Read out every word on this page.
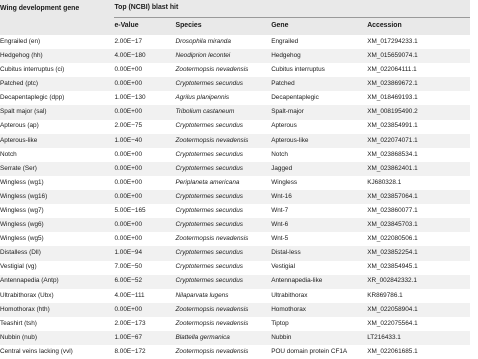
Wing development gene	Top (NCBI) blast hit			

	e-Value	Species	Gene	Accession
Engrailed (en)	2.00E−17	Drosophila miranda	Engrailed	XM_017294233.1
Hedgehog (hh)	4.00E−180	Neodiprion lecontei	Hedgehog	XM_015659074.1
Cubitus interruptus (ci)	0.00E+00	Zootermopsis nevadensis	Cubitus interruptus	XM_022064111.1
Patched (ptc)	0.00E+00	Cryptotermes secundus	Patched	XM_023869672.1
Decapentaplegic (dpp)	1.00E−130	Agrilus planipennis	Decapentaplegic	XM_018469193.1
Spalt major (sal)	0.00E+00	Tribolium castaneum	Spalt-major	XM_008195490.2
Apterous (ap)	2.00E−75	Cryptotermes secundus	Apterous	XM_023854991.1
Apterous-like	1.00E−40	Zootermopsis nevadensis	Apterous-like	XM_022074071.1
Notch	0.00E+00	Cryptotermes secundus	Notch	XM_023868534.1
Serrate (Ser)	0.00E+00	Cryptotermes secundus	Jagged	XM_023862401.1
Wingless (wg1)	0.00E+00	Periplaneta americana	Wingless	KJ680328.1
Wingless (wg16)	0.00E+00	Cryptotermes secundus	Wnt-16	XM_023857064.1
Wingless (wg7)	5.00E−165	Cryptotermes secundus	Wnt-7	XM_023860077.1
Wingless (wg6)	0.00E+00	Cryptotermes secundus	Wnt-6	XM_023845703.1
Wingless (wg5)	0.00E+00	Zootermopsis nevadensis	Wnt-5	XM_022080506.1
Distalless (Dll)	1.00E−94	Cryptotermes secundus	Distal-less	XM_023852254.1
Vestigial (vg)	7.00E−50	Cryptotermes secundus	Vestigial	XM_023854945.1
Antennapedia (Antp)	6.00E−52	Cryptotermes secundus	Antennapedia-like	XR_002842332.1
Ultrabithorax (Ubx)	4.00E−111	Nilaparvata lugens	Ultrabithorax	KR869786.1
Homothorax (hth)	0.00E+00	Zootermopsis nevadensis	Homothorax	XM_022058904.1
Teashirt (tsh)	2.00E−173	Zootermopsis nevadensis	Tiptop	XM_022075564.1
Nubbin (nub)	1.00E−67	Blattella germanica	Nubbin	LT216433.1
Central veins lacking (vvl)	8.00E−172	Zootermopsis nevadensis	POU domain protein CF1A	XM_022061685.1
